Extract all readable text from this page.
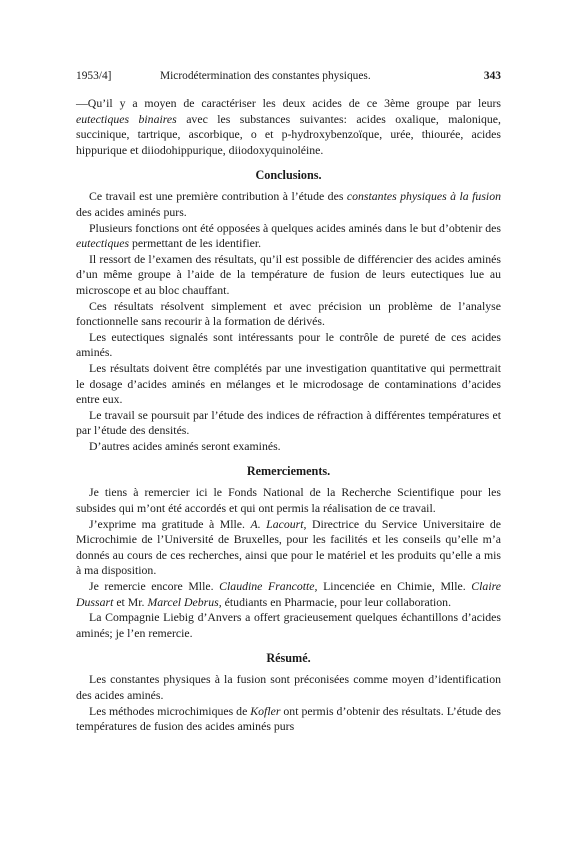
1953/4]	Microdétermination des constantes physiques.	343

—Qu’il y a moyen de caractériser les deux acides de ce 3ème groupe par leurs eutectiques binaires avec les substances suivantes: acides oxalique, malonique, succinique, tartrique, ascorbique, o et p-hydroxybenzoïque, urée, thiourée, acides hippurique et diiodohippurique, diiodoxyquinoléine.

Conclusions.

Ce travail est une première contribution à l’étude des constantes physiques à la fusion des acides aminés purs.

Plusieurs fonctions ont été opposées à quelques acides aminés dans le but d’obtenir des eutectiques permettant de les identifier.

Il ressort de l’examen des résultats, qu’il est possible de différencier des acides aminés d’un même groupe à l’aide de la température de fusion de leurs eutectiques lue au microscope et au bloc chauffant.

Ces résultats résolvent simplement et avec précision un problème de l’analyse fonctionnelle sans recourir à la formation de dérivés.

Les eutectiques signalés sont intéressants pour le contrôle de pureté de ces acides aminés.

Les résultats doivent être complétés par une investigation quantitative qui permettrait le dosage d’acides aminés en mélanges et le microdosage de contaminations d’acides entre eux.

Le travail se poursuit par l’étude des indices de réfraction à différentes températures et par l’étude des densités.

D’autres acides aminés seront examinés.

Remerciements.

Je tiens à remercier ici le Fonds National de la Recherche Scientifique pour les subsides qui m’ont été accordés et qui ont permis la réalisation de ce travail.

J’exprime ma gratitude à Mlle. A. Lacourt, Directrice du Service Universitaire de Microchimie de l’Université de Bruxelles, pour les facilités et les conseils qu’elle m’a donnés au cours de ces recherches, ainsi que pour le matériel et les produits qu’elle a mis à ma disposition.

Je remercie encore Mlle. Claudine Francotte, Lincenciée en Chimie, Mlle. Claire Dussart et Mr. Marcel Debrus, étudiants en Pharmacie, pour leur collaboration.

La Compagnie Liebig d’Anvers a offert gracieusement quelques échantillons d’acides aminés; je l’en remercie.

Résumé.

Les constantes physiques à la fusion sont préconisées comme moyen d’identification des acides aminés.

Les méthodes microchimiques de Kofler ont permis d’obtenir des résultats. L’étude des températures de fusion des acides aminés purs
